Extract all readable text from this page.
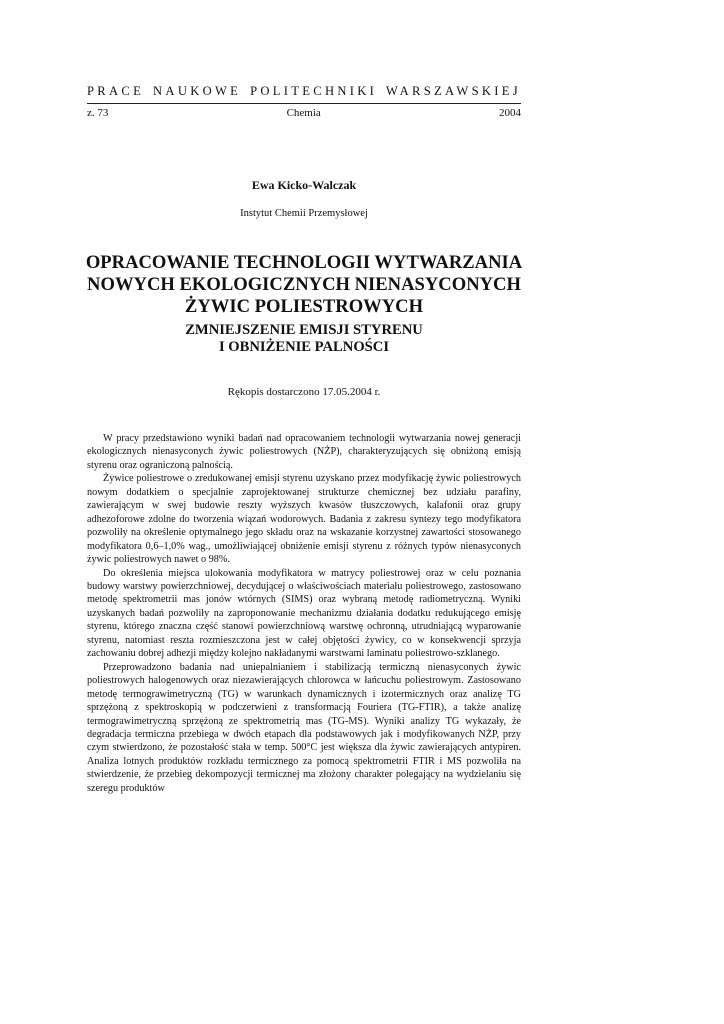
PRACE NAUKOWE POLITECHNIKI WARSZAWSKIEJ
z. 73	Chemia	2004
Ewa Kicko-Walczak
Instytut Chemii Przemysłowej
OPRACOWANIE TECHNOLOGII WYTWARZANIA
NOWYCH EKOLOGICZNYCH NIENASYCONYCH
ŻYWIC POLIESTROWYCH
ZMNIEJSZENIE EMISJI STYRENU
I OBNIŻENIE PALNOŚCI
Rękopis dostarczono 17.05.2004 r.

W pracy przedstawiono wyniki badań nad opracowaniem technologii wytwarzania nowej generacji ekologicznych nienasyconych żywic poliestrowych (NŻP), charakteryzujących się obniżoną emisją styrenu oraz ograniczoną palnością.

Żywice poliestrowe o zredukowanej emisji styrenu uzyskano przez modyfikację żywic poliestrowych nowym dodatkiem o specjalnie zaprojektowanej strukturze chemicznej bez udziału parafiny, zawierającym w swej budowie reszty wyższych kwasów tłuszczowych, kalafonii oraz grupy adhezoforowe zdolne do tworzenia wiązań wodorowych. Badania z zakresu syntezy tego modyfikatora pozwoliły na określenie optymalnego jego składu oraz na wskazanie korzystnej zawartości stosowanego modyfikatora 0,6–1,0% wag., umożliwiającej obniżenie emisji styrenu z różnych typów nienasyconych żywic poliestrowych nawet o 98%.

Do określenia miejsca ulokowania modyfikatora w matrycy poliestrowej oraz w celu poznania budowy warstwy powierzchniowej, decydującej o właściwościach materiału poliestrowego, zastosowano metodę spektrometrii mas jonów wtórnych (SIMS) oraz wybraną metodę radiometryczną. Wyniki uzyskanych badań pozwoliły na zaproponowanie mechanizmu działania dodatku redukującego emisję styrenu, którego znaczna część stanowi powierzchniową warstwę ochronną, utrudniającą wyparowanie styrenu, natomiast reszta rozmieszczona jest w całej objętości żywicy, co w konsekwencji sprzyja zachowaniu dobrej adhezji między kolejno nakładanymi warstwami laminatu poliestrowo-szklanego.

Przeprowadzono badania nad uniepalnianiem i stabilizacją termiczną nienasyconych żywic poliestrowych halogenowych oraz niezawierających chlorowca w łańcuchu poliestrowym. Zastosowano metodę termograwimetryczną (TG) w warunkach dynamicznych i izotermicznych oraz analizę TG sprzężoną z spektroskopią w podczerwieni z transformacją Fouriera (TG-FTIR), a także analizę termograwimetryczną sprzężoną ze spektrometrią mas (TG-MS). Wyniki analizy TG wykazały, że degradacja termiczna przebiega w dwóch etapach dla podstawowych jak i modyfikowanych NŻP, przy czym stwierdzono, że pozostałość stała w temp. 500°C jest większa dla żywic zawierających antypiren. Analiza lotnych produktów rozkładu termicznego za pomocą spektrometrii FTIR i MS pozwoliła na stwierdzenie, że przebieg dekompozycji termicznej ma złożony charakter polegający na wydzielaniu się szeregu produktów
